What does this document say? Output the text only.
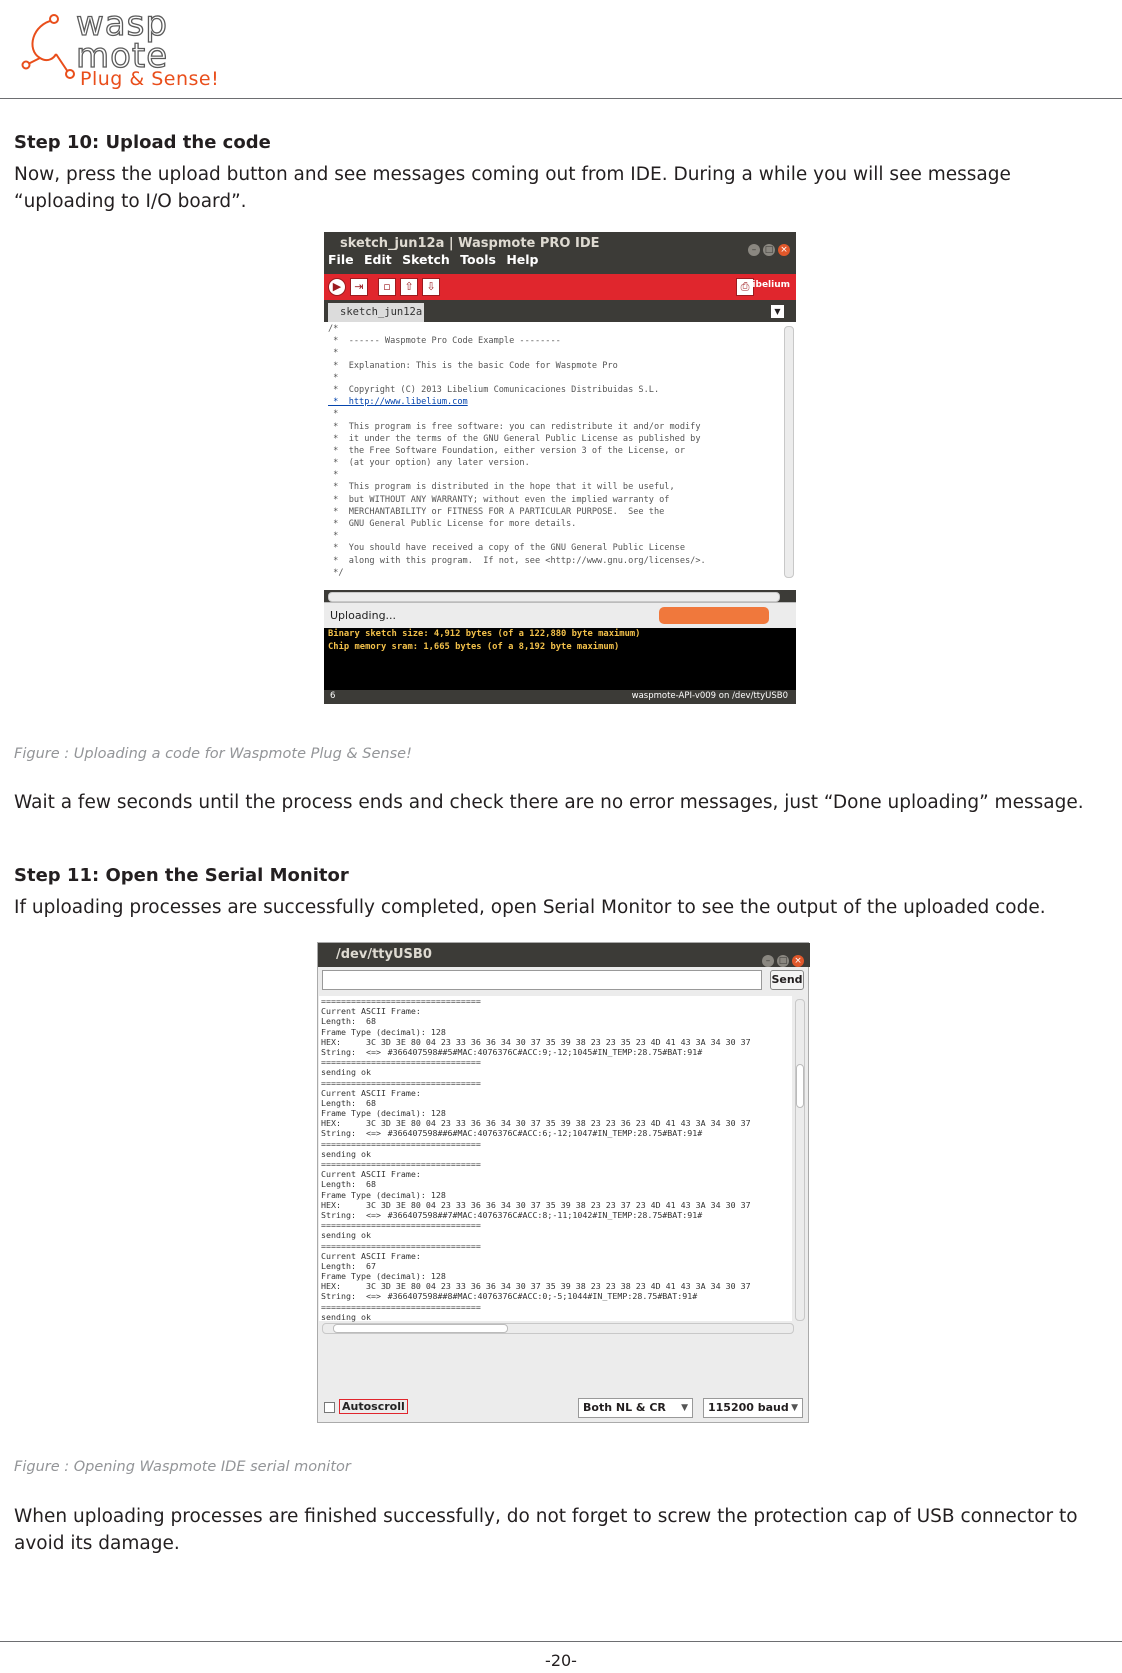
wasp
mote
Plug & Sense!
Step 10: Upload the code
Now, press the upload button and see messages coming out from IDE. During a while you will see message “uploading to I/O board”.
sketch_jun12a | Waspmote PRO IDE	– □ ×
File Edit Sketch Tools Help
▶	⇥	▫	⇧	⇩	⎙ libelium
sketch_jun12a	▼
/*
*  ------ Waspmote Pro Code Example --------
*
*  Explanation: This is the basic Code for Waspmote Pro
*
*  Copyright (C) 2013 Libelium Comunicaciones Distribuidas S.L.
*  http://www.libelium.com
*
*  This program is free software: you can redistribute it and/or modify
*  it under the terms of the GNU General Public License as published by
*  the Free Software Foundation, either version 3 of the License, or
*  (at your option) any later version.
*
*  This program is distributed in the hope that it will be useful,
*  but WITHOUT ANY WARRANTY; without even the implied warranty of
*  MERCHANTABILITY or FITNESS FOR A PARTICULAR PURPOSE.  See the
*  GNU General Public License for more details.
*
*  You should have received a copy of the GNU General Public License
*  along with this program.  If not, see <http://www.gnu.org/licenses/>.
*/
Uploading...
Binary sketch size: 4,912 bytes (of a 122,880 byte maximum)
Chip memory sram: 1,665 bytes (of a 8,192 byte maximum)
6	waspmote-API-v009 on /dev/ttyUSB0
Figure : Uploading a code for Waspmote Plug & Sense!
Wait a few seconds until the process ends and check there are no error messages, just “Done uploading” message.
Step 11: Open the Serial Monitor
If uploading processes are successfully completed, open Serial Monitor to see the output of the uploaded code.
/dev/ttyUSB0	– □ ×
Send
================================
Current ASCII Frame:
Length:  68
Frame Type (decimal): 128
HEX:     3C 3D 3E 80 04 23 33 36 36 34 30 37 35 39 38 23 23 35 23 4D 41 43 3A 34 30 37
String:  <=>#366407598##5#MAC:4076376C#ACC:9;-12;1045#IN_TEMP:28.75#BAT:91#
================================
sending ok
================================
Current ASCII Frame:
Length:  68
Frame Type (decimal): 128
HEX:     3C 3D 3E 80 04 23 33 36 36 34 30 37 35 39 38 23 23 36 23 4D 41 43 3A 34 30 37
String:  <=>#366407598##6#MAC:4076376C#ACC:6;-12;1047#IN_TEMP:28.75#BAT:91#
================================
sending ok
================================
Current ASCII Frame:
Length:  68
Frame Type (decimal): 128
HEX:     3C 3D 3E 80 04 23 33 36 36 34 30 37 35 39 38 23 23 37 23 4D 41 43 3A 34 30 37
String:  <=>#366407598##7#MAC:4076376C#ACC:8;-11;1042#IN_TEMP:28.75#BAT:91#
================================
sending ok
================================
Current ASCII Frame:
Length:  67
Frame Type (decimal): 128
HEX:     3C 3D 3E 80 04 23 33 36 36 34 30 37 35 39 38 23 23 38 23 4D 41 43 3A 34 30 37
String:  <=>#366407598##8#MAC:4076376C#ACC:0;-5;1044#IN_TEMP:28.75#BAT:91#
================================
sending ok
Autoscroll	Both NL & CR ▼	115200 baud ▼
Figure : Opening Waspmote IDE serial monitor
When uploading processes are ﬁnished successfully, do not forget to screw the protection cap of USB connector to avoid its damage.
-20-
